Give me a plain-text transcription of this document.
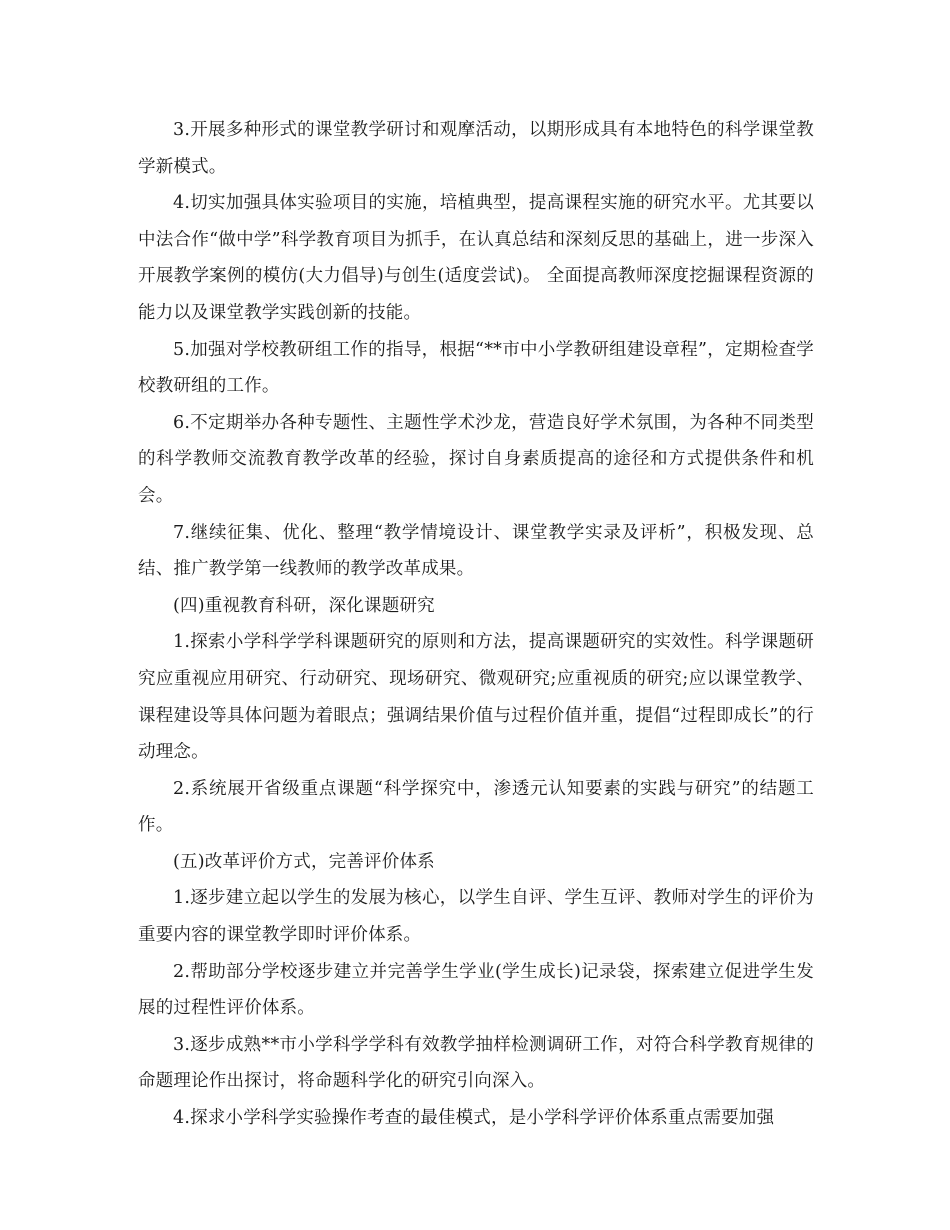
3.开展多种形式的课堂教学研讨和观摩活动，以期形成具有本地特色的科学课堂教学新模式。

4.切实加强具体实验项目的实施，培植典型，提高课程实施的研究水平。尤其要以中法合作“做中学”科学教育项目为抓手，在认真总结和深刻反思的基础上，进一步深入开展教学案例的模仿(大力倡导)与创生(适度尝试)。 全面提高教师深度挖掘课程资源的能力以及课堂教学实践创新的技能。

5.加强对学校教研组工作的指导，根据“**市中小学教研组建设章程”，定期检查学校教研组的工作。

6.不定期举办各种专题性、主题性学术沙龙，营造良好学术氛围，为各种不同类型的科学教师交流教育教学改革的经验，探讨自身素质提高的途径和方式提供条件和机会。

7.继续征集、优化、整理“教学情境设计、课堂教学实录及评析”，积极发现、总结、推广教学第一线教师的教学改革成果。

(四)重视教育科研，深化课题研究

1.探索小学科学学科课题研究的原则和方法，提高课题研究的实效性。科学课题研究应重视应用研究、行动研究、现场研究、微观研究;应重视质的研究;应以课堂教学、课程建设等具体问题为着眼点；强调结果价值与过程价值并重，提倡“过程即成长”的行动理念。

2.系统展开省级重点课题“科学探究中，渗透元认知要素的实践与研究”的结题工作。

(五)改革评价方式，完善评价体系

1.逐步建立起以学生的发展为核心，以学生自评、学生互评、教师对学生的评价为重要内容的课堂教学即时评价体系。

2.帮助部分学校逐步建立并完善学生学业(学生成长)记录袋，探索建立促进学生发展的过程性评价体系。

3.逐步成熟**市小学科学学科有效教学抽样检测调研工作，对符合科学教育规律的命题理论作出探讨，将命题科学化的研究引向深入。

4.探求小学科学实验操作考查的最佳模式，是小学科学评价体系重点需要加强
